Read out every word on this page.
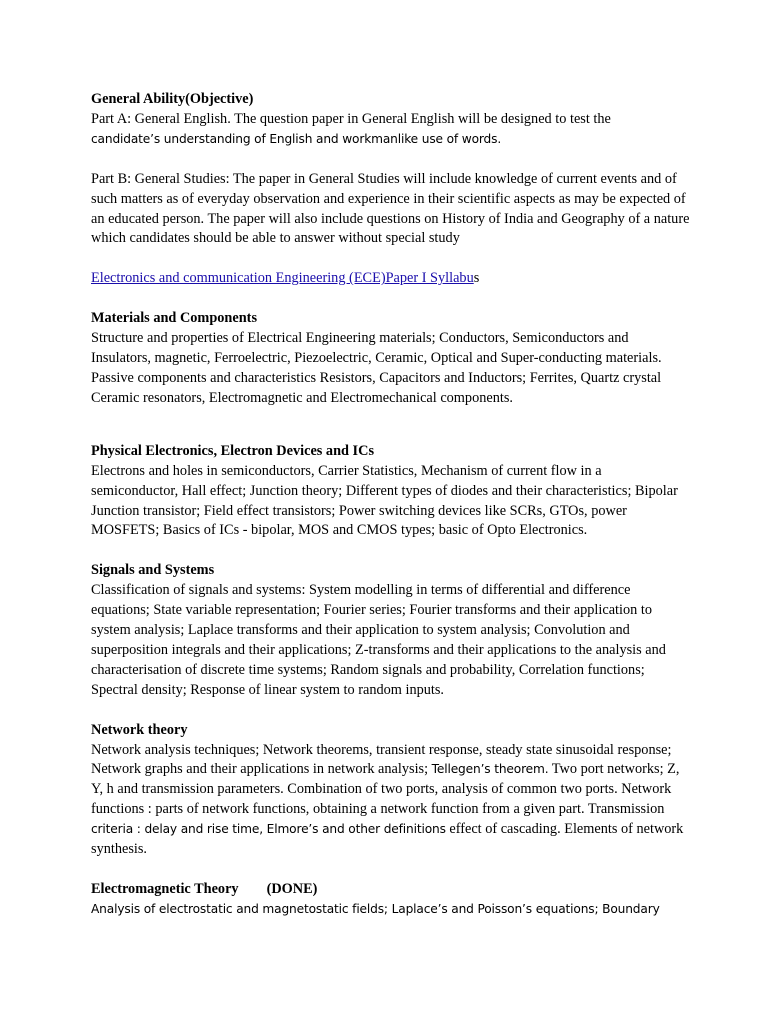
General Ability(Objective)

Part A: General English. The question paper in General English will be designed to test the
candidate’s understanding of English and workmanlike use of words.

Part B: General Studies: The paper in General Studies will include knowledge of current events and of such matters as of everyday observation and experience in their scientific aspects as may be expected of an educated person. The paper will also include questions on History of India and Geography of a nature which candidates should be able to answer without special study

Electronics and communication Engineering (ECE)Paper I Syllabus

Materials and Components

Structure and properties of Electrical Engineering materials; Conductors, Semiconductors and Insulators, magnetic, Ferroelectric, Piezoelectric, Ceramic, Optical and Super-conducting materials. Passive components and characteristics Resistors, Capacitors and Inductors; Ferrites, Quartz crystal Ceramic resonators, Electromagnetic and Electromechanical components.

Physical Electronics, Electron Devices and ICs

Electrons and holes in semiconductors, Carrier Statistics, Mechanism of current flow in a semiconductor, Hall effect; Junction theory; Different types of diodes and their characteristics; Bipolar Junction transistor; Field effect transistors; Power switching devices like SCRs, GTOs, power MOSFETS; Basics of ICs - bipolar, MOS and CMOS types; basic of Opto Electronics.

Signals and Systems

Classification of signals and systems: System modelling in terms of differential and difference equations; State variable representation; Fourier series; Fourier transforms and their application to system analysis; Laplace transforms and their application to system analysis; Convolution and superposition integrals and their applications; Z-transforms and their applications to the analysis and characterisation of discrete time systems; Random signals and probability, Correlation functions; Spectral density; Response of linear system to random inputs.

Network theory

Network analysis techniques; Network theorems, transient response, steady state sinusoidal response; Network graphs and their applications in network analysis; Tellegen’s theorem. Two port networks; Z, Y, h and transmission parameters. Combination of two ports, analysis of common two ports. Network functions : parts of network functions, obtaining a network function from a given part. Transmission criteria : delay and rise time, Elmore’s and other definitions effect of cascading. Elements of network synthesis.

Electromagnetic Theory (DONE)

Analysis of electrostatic and magnetostatic fields; Laplace’s and Poisson’s equations; Boundary
